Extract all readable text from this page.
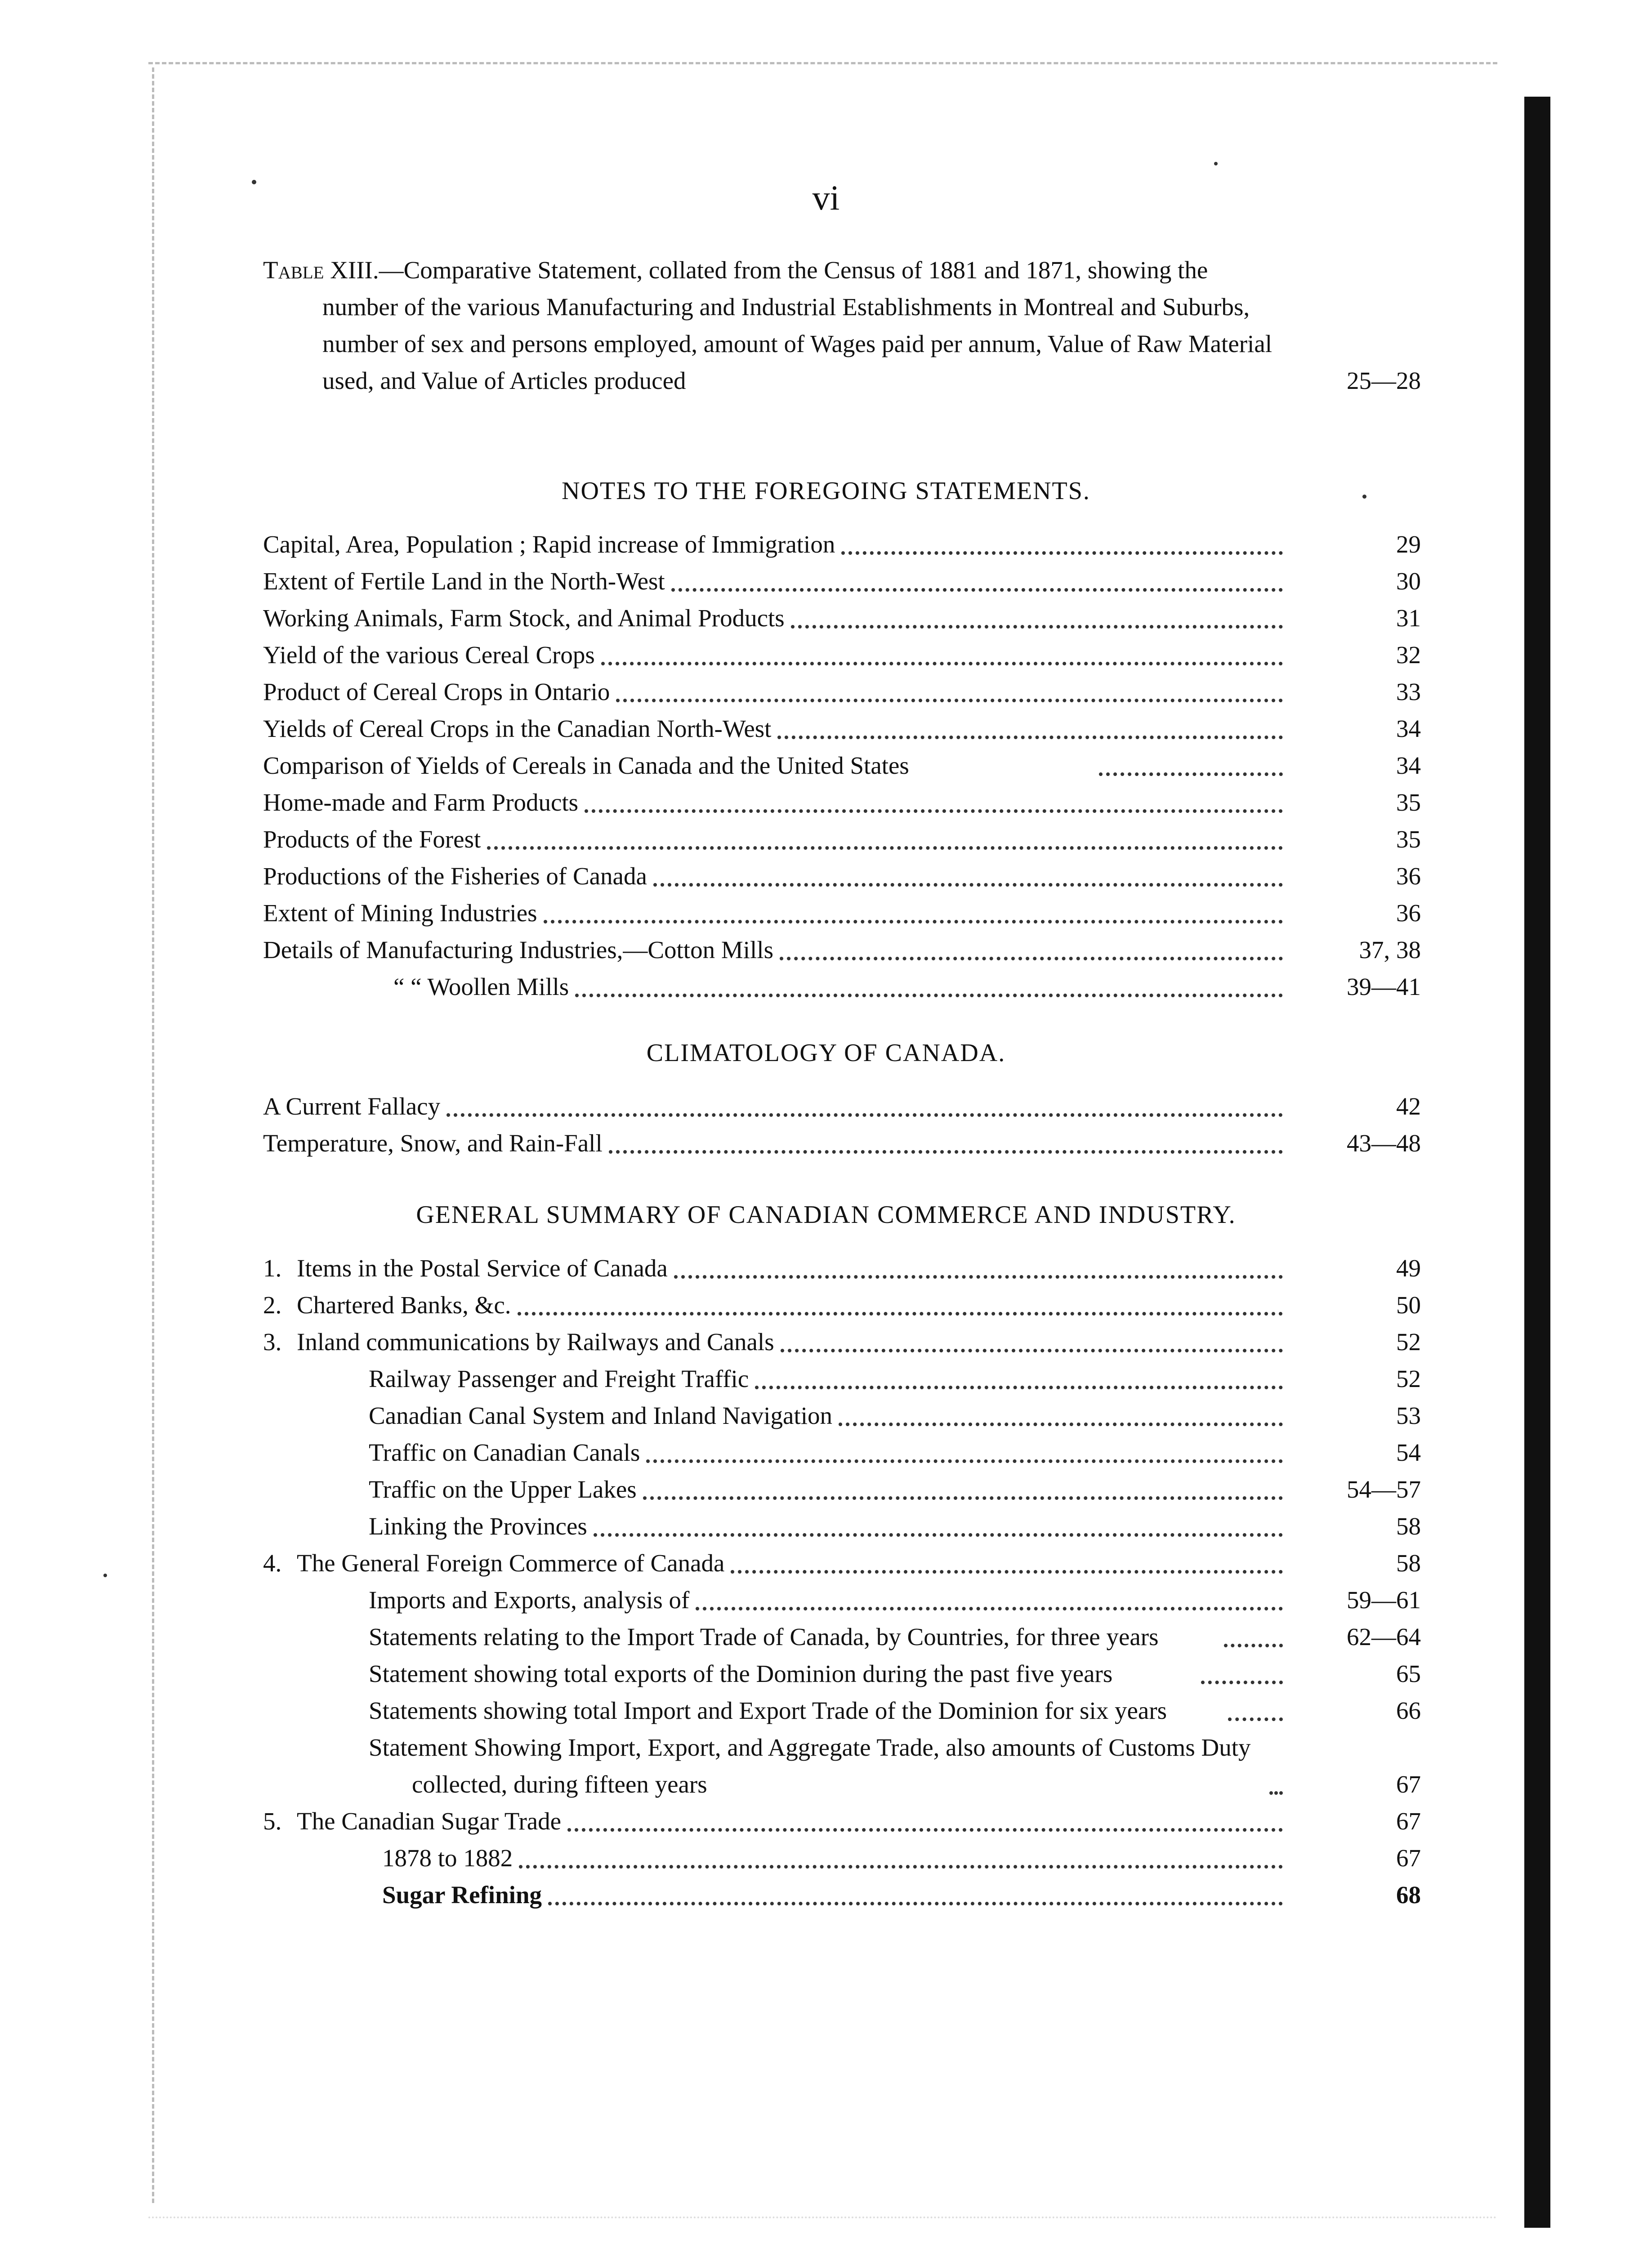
vi
Table XIII.—Comparative Statement, collated from the Census of 1881 and 1871, showing the number of the various Manufacturing and Industrial Establishments in Montreal and Suburbs, number of sex and persons employed, amount of Wages paid per annum, Value of Raw Material used, and Value of Articles produced	25—28
NOTES TO THE FOREGOING STATEMENTS.
Capital, Area, Population ; Rapid increase of Immigration	29
Extent of Fertile Land in the North-West	30
Working Animals, Farm Stock, and Animal Products	31
Yield of the various Cereal Crops	32
Product of Cereal Crops in Ontario	33
Yields of Cereal Crops in the Canadian North-West	34
Comparison of Yields of Cereals in Canada and the United States	34
Home-made and Farm Products	35
Products of the Forest	35
Productions of the Fisheries of Canada	36
Extent of Mining Industries	36
Details of Manufacturing Industries,—Cotton Mills	37, 38
“ “ Woollen Mills	39—41
CLIMATOLOGY OF CANADA.
A Current Fallacy	42
Temperature, Snow, and Rain-Fall	43—48
GENERAL SUMMARY OF CANADIAN COMMERCE AND INDUSTRY.
1. Items in the Postal Service of Canada	49
2. Chartered Banks, &c.	50
3. Inland communications by Railways and Canals	52
Railway Passenger and Freight Traffic	52
Canadian Canal System and Inland Navigation	53
Traffic on Canadian Canals	54
Traffic on the Upper Lakes	54—57
Linking the Provinces	58
4. The General Foreign Commerce of Canada	58
Imports and Exports, analysis of	59—61
Statements relating to the Import Trade of Canada, by Countries, for three years	62—64
Statement showing total exports of the Dominion during the past five years	65
Statements showing total Import and Export Trade of the Dominion for six years	66
Statement Showing Import, Export, and Aggregate Trade, also amounts of Customs Duty collected, during fifteen years	67
5. The Canadian Sugar Trade	67
1878 to 1882	67
Sugar Refining	68
